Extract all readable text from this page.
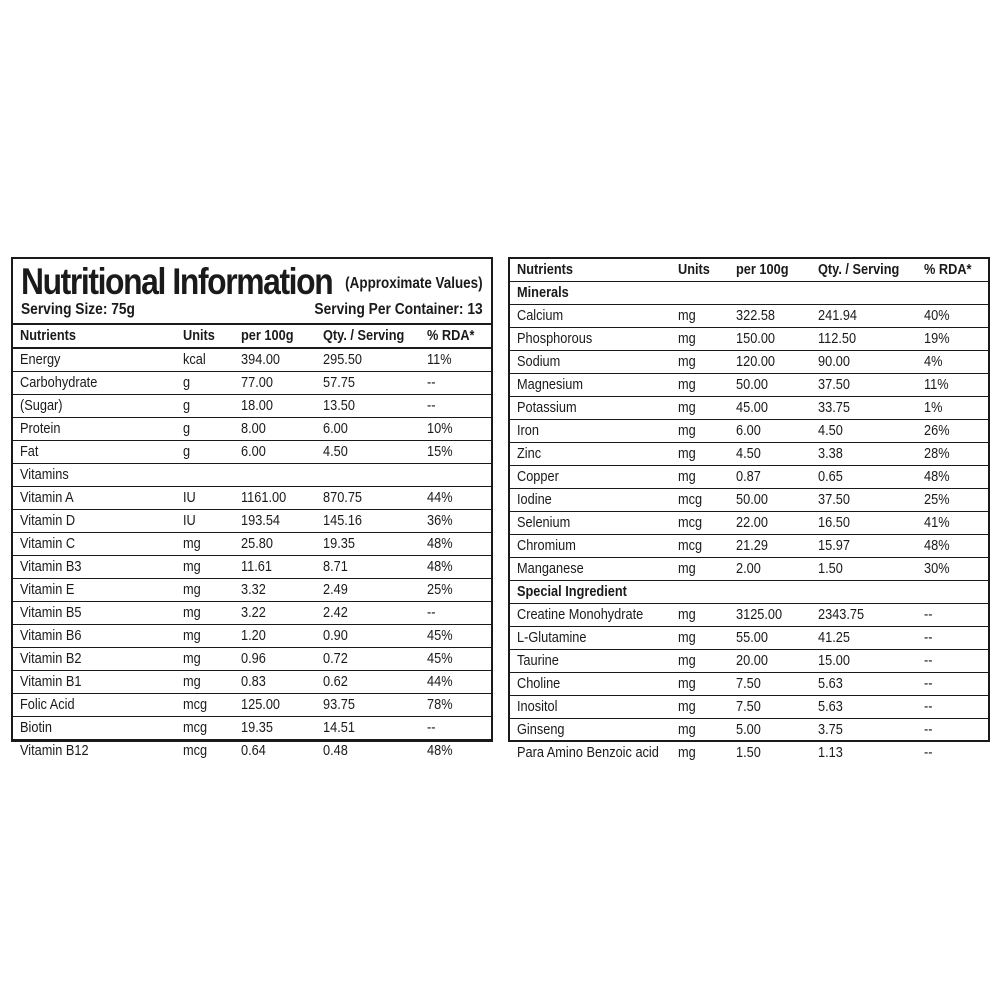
Nutritional Information (Approximate Values)
Serving Size: 75g	Serving Per Container: 13
Nutrients	Units	per 100g	Qty. / Serving	% RDA*
Energy	kcal	394.00	295.50	11%
Carbohydrate	g	77.00	57.75	--
(Sugar)	g	18.00	13.50	--
Protein	g	8.00	6.00	10%
Fat	g	6.00	4.50	15%
Vitamins				
Vitamin A	IU	1161.00	870.75	44%
Vitamin D	IU	193.54	145.16	36%
Vitamin C	mg	25.80	19.35	48%
Vitamin B3	mg	11.61	8.71	48%
Vitamin E	mg	3.32	2.49	25%
Vitamin B5	mg	3.22	2.42	--
Vitamin B6	mg	1.20	0.90	45%
Vitamin B2	mg	0.96	0.72	45%
Vitamin B1	mg	0.83	0.62	44%
Folic Acid	mcg	125.00	93.75	78%
Biotin	mcg	19.35	14.51	--
Vitamin B12	mcg	0.64	0.48	48%
Nutrients	Units	per 100g	Qty. / Serving	% RDA*
Minerals				
Calcium	mg	322.58	241.94	40%
Phosphorous	mg	150.00	112.50	19%
Sodium	mg	120.00	90.00	4%
Magnesium	mg	50.00	37.50	11%
Potassium	mg	45.00	33.75	1%
Iron	mg	6.00	4.50	26%
Zinc	mg	4.50	3.38	28%
Copper	mg	0.87	0.65	48%
Iodine	mcg	50.00	37.50	25%
Selenium	mcg	22.00	16.50	41%
Chromium	mcg	21.29	15.97	48%
Manganese	mg	2.00	1.50	30%
Special Ingredient				
Creatine Monohydrate	mg	3125.00	2343.75	--
L-Glutamine	mg	55.00	41.25	--
Taurine	mg	20.00	15.00	--
Choline	mg	7.50	5.63	--
Inositol	mg	7.50	5.63	--
Ginseng	mg	5.00	3.75	--
Para Amino Benzoic acid	mg	1.50	1.13	--
